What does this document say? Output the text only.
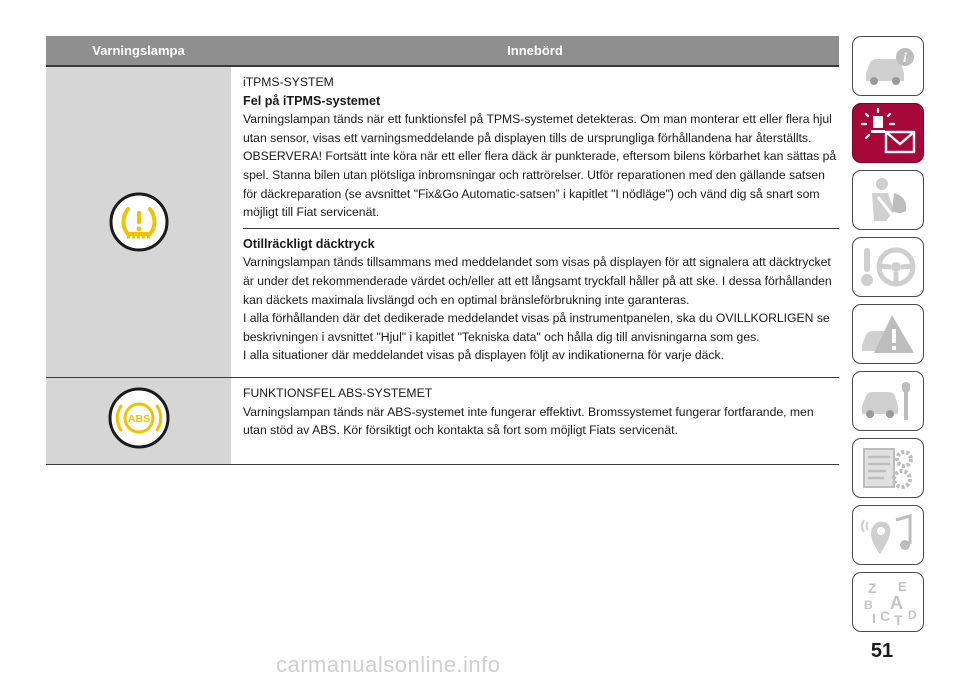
Varningslampa	Innebörd

iTPMS-SYSTEM

Fel på iTPMS-systemet

Varningslampan tänds när ett funktionsfel på TPMS-systemet detekteras. Om man monterar ett eller flera hjul utan sensor, visas ett varningsmeddelande på displayen tills de ursprungliga förhållandena har återställts.

OBSERVERA! Fortsätt inte köra när ett eller flera däck är punkterade, eftersom bilens körbarhet kan sättas på spel. Stanna bilen utan plötsliga inbromsningar och rattrörelser. Utför reparationen med den gällande satsen för däckreparation (se avsnittet "Fix&Go Automatic-satsen” i kapitlet "I nödläge") och vänd dig så snart som möjligt till Fiat servicenät.

Otillräckligt däcktryck

Varningslampan tänds tillsammans med meddelandet som visas på displayen för att signalera att däcktrycket är under det rekommenderade värdet och/eller att ett långsamt tryckfall håller på att ske. I dessa förhållanden kan däckets maximala livslängd och en optimal bränsleförbrukning inte garanteras.

I alla förhållanden där det dedikerade meddelandet visas på instrumentpanelen, ska du OVILLKORLIGEN se beskrivningen i avsnittet "Hjul" i kapitlet "Tekniska data" och hålla dig till anvisningarna som ges.

I alla situationer där meddelandet visas på displayen följt av indikationerna för varje däck.

ABS

FUNKTIONSFEL ABS-SYSTEMET

Varningslampan tänds när ABS-systemet inte fungerar effektivt. Bromssystemet fungerar fortfarande, men utan stöd av ABS. Kör försiktigt och kontakta så fort som möjligt Fiats servicenät.

i
Z E
B A
I C T D
51
carmanualsonline.info
